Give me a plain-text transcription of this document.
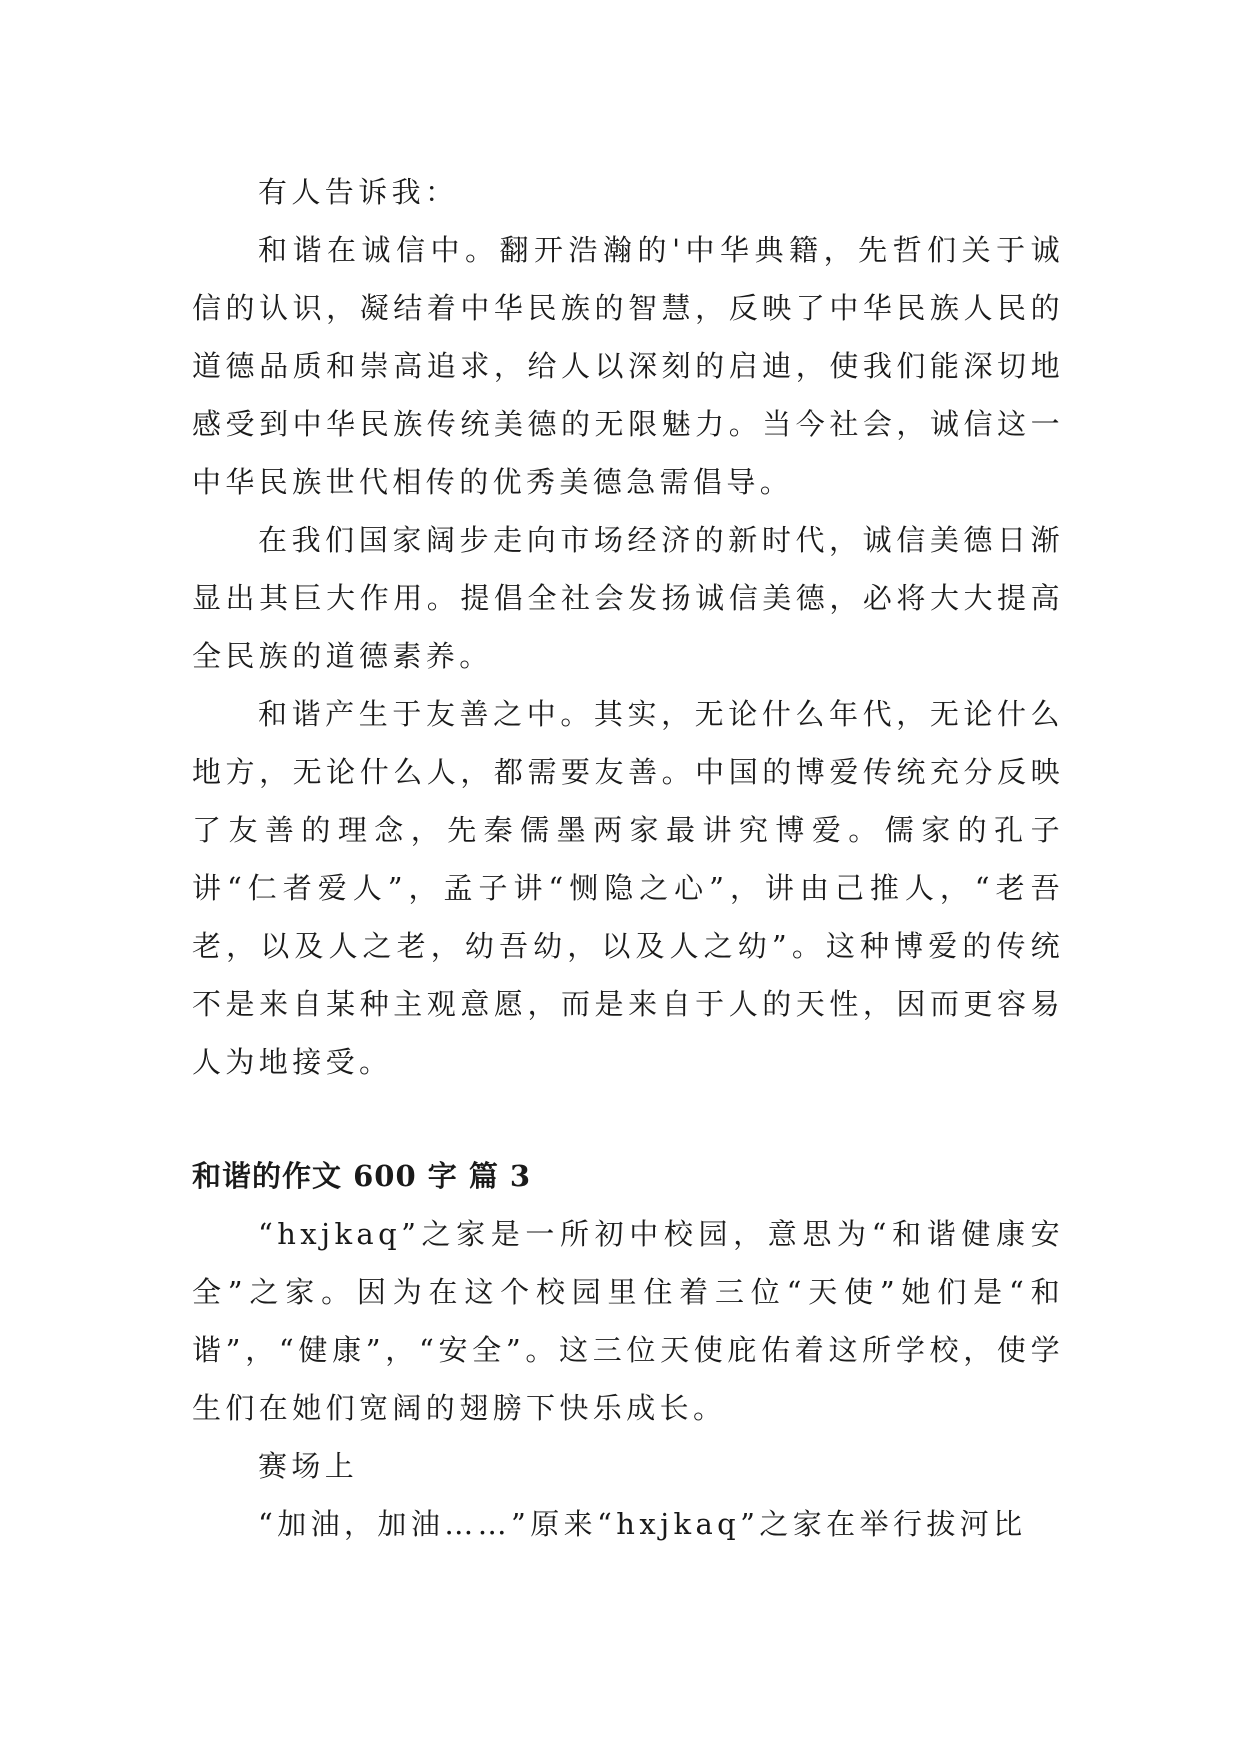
有人告诉我：

和谐在诚信中。翻开浩瀚的'中华典籍，先哲们关于诚信的认识，凝结着中华民族的智慧，反映了中华民族人民的道德品质和崇高追求，给人以深刻的启迪，使我们能深切地感受到中华民族传统美德的无限魅力。当今社会，诚信这一中华民族世代相传的优秀美德急需倡导。

在我们国家阔步走向市场经济的新时代，诚信美德日渐显出其巨大作用。提倡全社会发扬诚信美德，必将大大提高全民族的道德素养。

和谐产生于友善之中。其实，无论什么年代，无论什么地方，无论什么人，都需要友善。中国的博爱传统充分反映了友善的理念，先秦儒墨两家最讲究博爱。儒家的孔子讲“仁者爱人”，孟子讲“恻隐之心”，讲由己推人，“老吾老，以及人之老，幼吾幼，以及人之幼”。这种博爱的传统不是来自某种主观意愿，而是来自于人的天性，因而更容易人为地接受。

和谐的作文 600 字 篇 3

“hxjkaq”之家是一所初中校园，意思为“和谐健康安全”之家。因为在这个校园里住着三位“天使”她们是“和谐”，“健康”，“安全”。这三位天使庇佑着这所学校，使学生们在她们宽阔的翅膀下快乐成长。

赛场上

“加油，加油……”原来“hxjkaq”之家在举行拔河比
